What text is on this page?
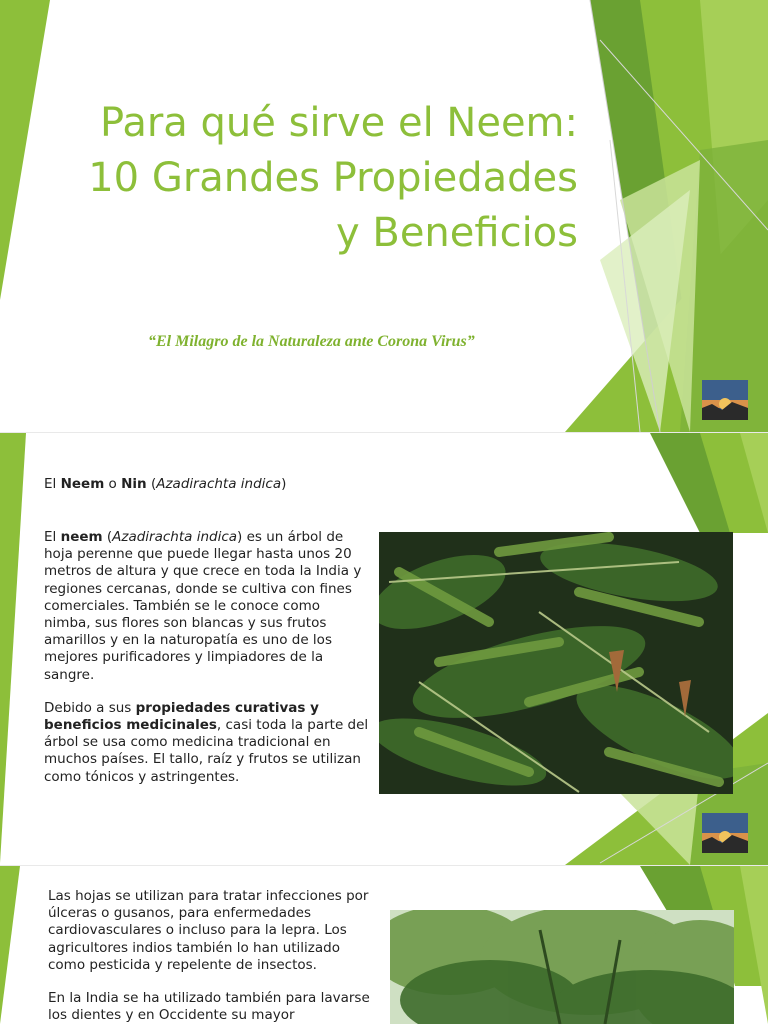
Para qué sirve el Neem:
10 Grandes Propiedades
y Beneficios
“El Milagro de la Naturaleza ante Corona Virus”
El Neem o Nin (Azadirachta indica)

El neem (Azadirachta indica) es un árbol de hoja perenne que puede llegar hasta unos 20 metros de altura y que crece en toda la India y regiones cercanas, donde se cultiva con fines comerciales. También se le conoce como nimba, sus flores son blancas y sus frutos amarillos y en la naturopatía es uno de los mejores purificadores y limpiadores de la sangre.

Debido a sus propiedades curativas y beneficios medicinales, casi toda la parte del árbol se usa como medicina tradicional en muchos países. El tallo, raíz y frutos se utilizan como tónicos y astringentes.

Las hojas se utilizan para tratar infecciones por úlceras o gusanos, para enfermedades cardiovasculares o incluso para la lepra. Los agricultores indios también lo han utilizado como pesticida y repelente de insectos.

En la India se ha utilizado también para lavarse los dientes y en Occidente su mayor
